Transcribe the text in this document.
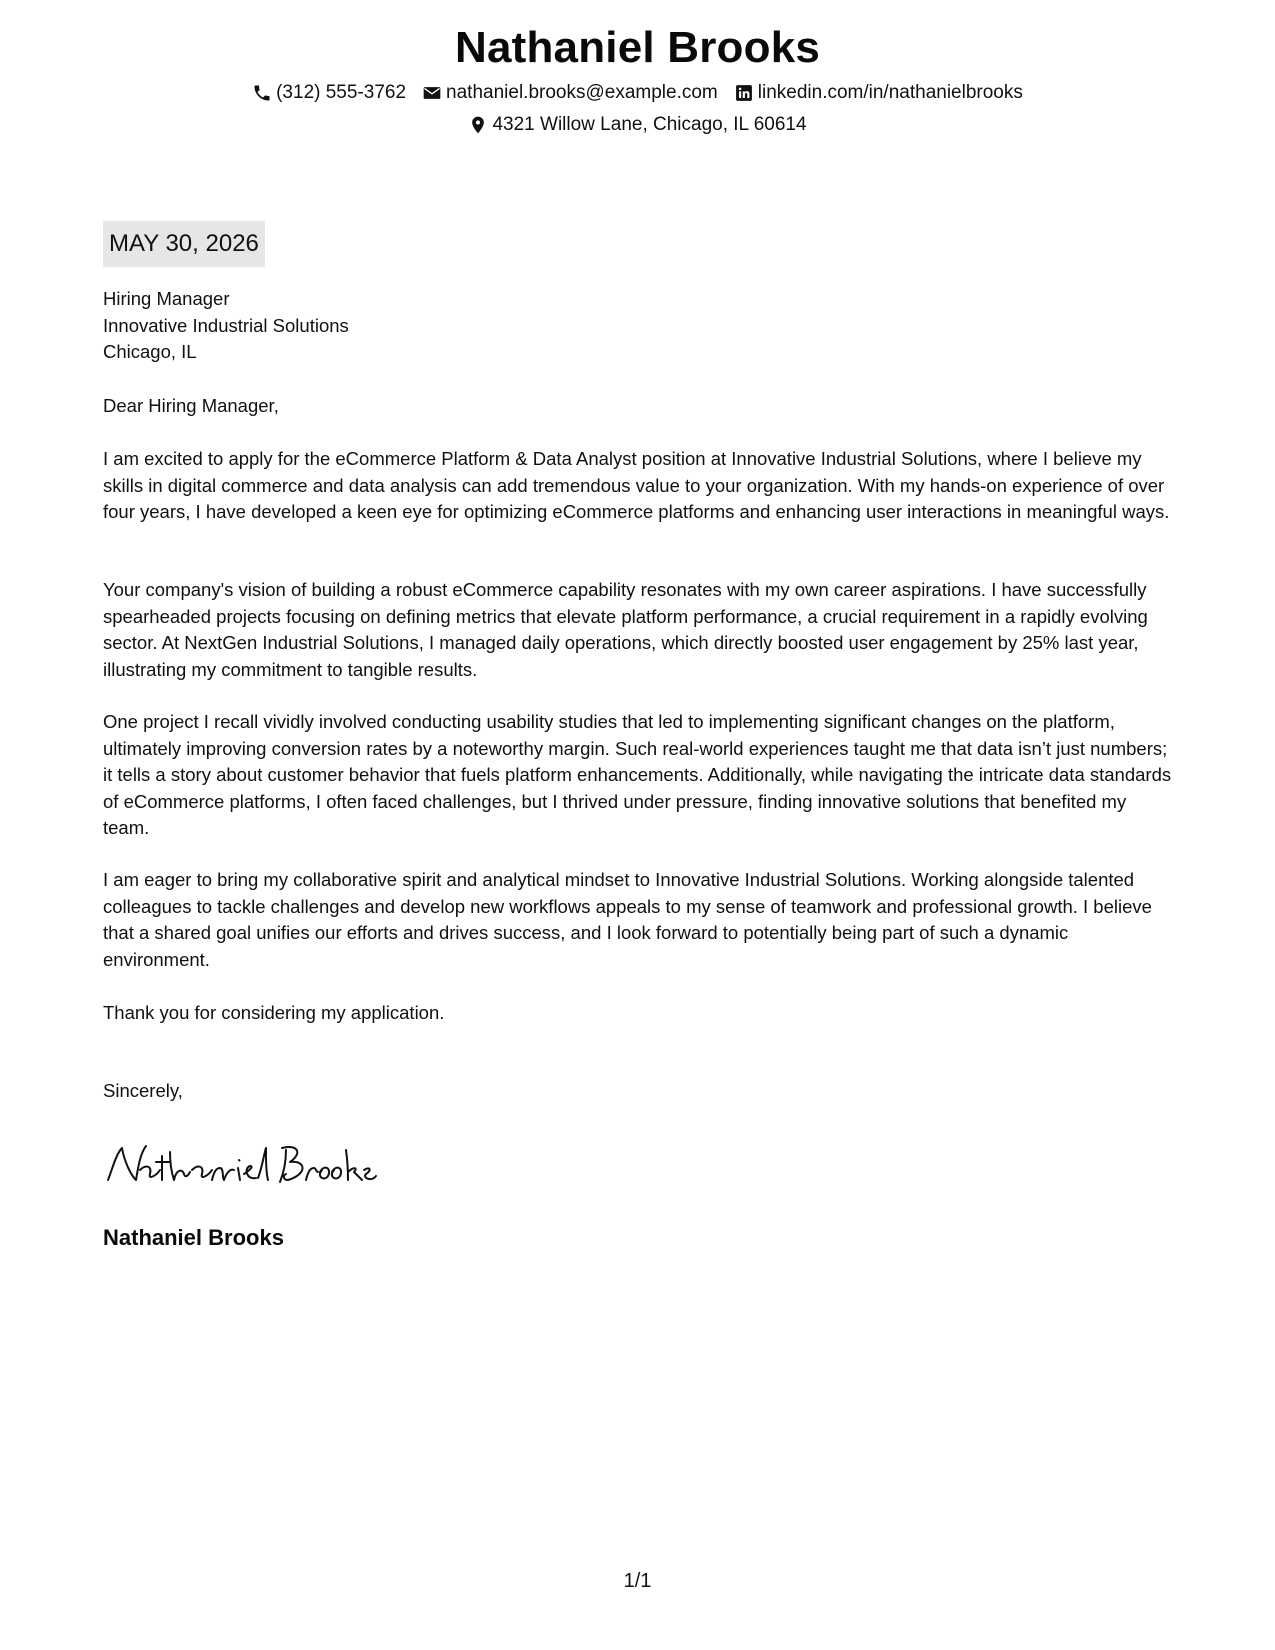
Nathaniel Brooks
(312) 555-3762 nathaniel.brooks@example.com linkedin.com/in/nathanielbrooks
4321 Willow Lane, Chicago, IL 60614
MAY 30, 2026
Hiring Manager
Innovative Industrial Solutions
Chicago, IL
Dear Hiring Manager,

I am excited to apply for the eCommerce Platform & Data Analyst position at Innovative Industrial Solutions, where I believe my skills in digital commerce and data analysis can add tremendous value to your organization. With my hands-on experience of over four years, I have developed a keen eye for optimizing eCommerce platforms and enhancing user interactions in meaningful ways.

Your company's vision of building a robust eCommerce capability resonates with my own career aspirations. I have successfully spearheaded projects focusing on defining metrics that elevate platform performance, a crucial requirement in a rapidly evolving sector. At NextGen Industrial Solutions, I managed daily operations, which directly boosted user engagement by 25% last year, illustrating my commitment to tangible results.

One project I recall vividly involved conducting usability studies that led to implementing significant changes on the platform, ultimately improving conversion rates by a noteworthy margin. Such real-world experiences taught me that data isn’t just numbers; it tells a story about customer behavior that fuels platform enhancements. Additionally, while navigating the intricate data standards of eCommerce platforms, I often faced challenges, but I thrived under pressure, finding innovative solutions that benefited my team.

I am eager to bring my collaborative spirit and analytical mindset to Innovative Industrial Solutions. Working alongside talented colleagues to tackle challenges and develop new workflows appeals to my sense of teamwork and professional growth. I believe that a shared goal unifies our efforts and drives success, and I look forward to potentially being part of such a dynamic environment.

Thank you for considering my application.
Sincerely,
Nathaniel Brooks
1/1
